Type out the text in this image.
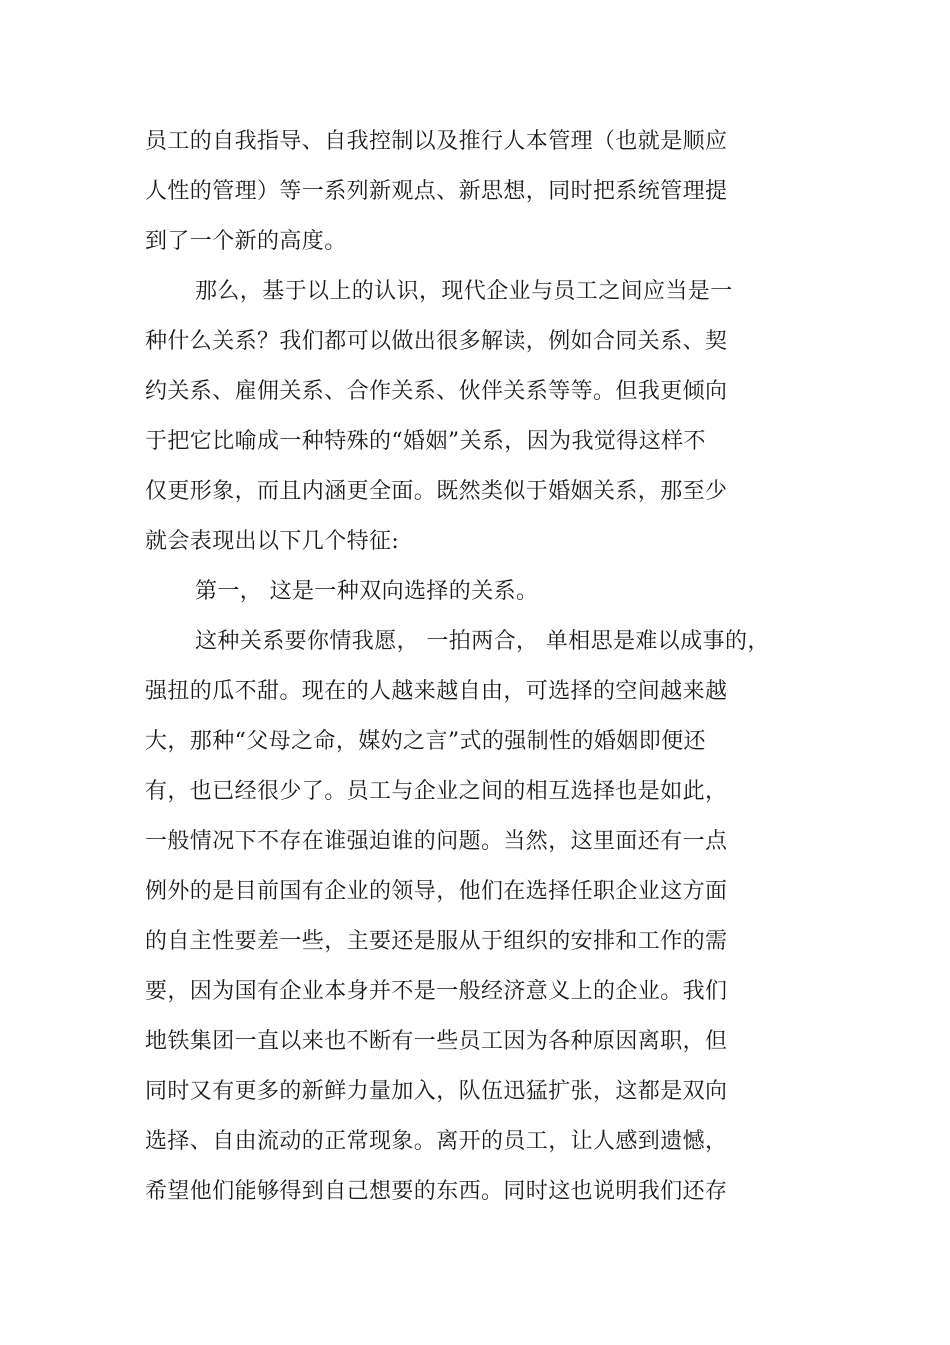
员工的自我指导、自我控制以及推行人本管理（也就是顺应
人性的管理）等一系列新观点、新思想，同时把系统管理提
到了一个新的高度。
那么，基于以上的认识，现代企业与员工之间应当是一
种什么关系？我们都可以做出很多解读，例如合同关系、契
约关系、雇佣关系、合作关系、伙伴关系等等。但我更倾向
于把它比喻成一种特殊的“婚姻”关系，因为我觉得这样不
仅更形象，而且内涵更全面。既然类似于婚姻关系，那至少
就会表现出以下几个特征:
第一， 这是一种双向选择的关系。
这种关系要你情我愿， 一拍两合， 单相思是难以成事的，
强扭的瓜不甜。现在的人越来越自由，可选择的空间越来越
大，那种“父母之命，媒妁之言”式的强制性的婚姻即便还
有，也已经很少了。员工与企业之间的相互选择也是如此，
一般情况下不存在谁强迫谁的问题。当然，这里面还有一点
例外的是目前国有企业的领导，他们在选择任职企业这方面
的自主性要差一些，主要还是服从于组织的安排和工作的需
要，因为国有企业本身并不是一般经济意义上的企业。我们
地铁集团一直以来也不断有一些员工因为各种原因离职，但
同时又有更多的新鲜力量加入，队伍迅猛扩张，这都是双向
选择、自由流动的正常现象。离开的员工，让人感到遗憾，
希望他们能够得到自己想要的东西。同时这也说明我们还存
